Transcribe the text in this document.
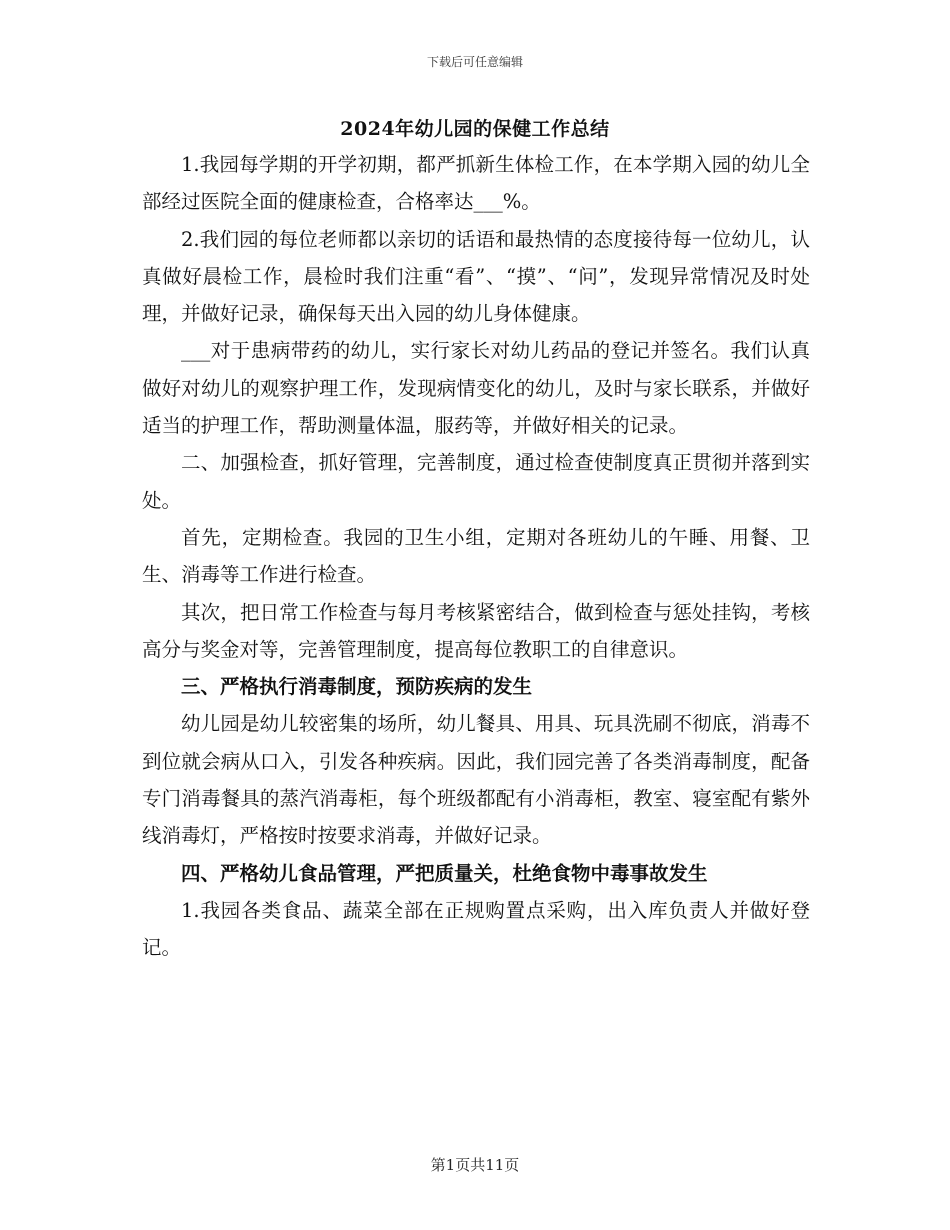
下载后可任意编辑
2024年幼儿园的保健工作总结

1.我园每学期的开学初期，都严抓新生体检工作，在本学期入园的幼儿全部经过医院全面的健康检查，合格率达___%。

2.我们园的每位老师都以亲切的话语和最热情的态度接待每一位幼儿，认真做好晨检工作，晨检时我们注重“看”、“摸”、“问”，发现异常情况及时处理，并做好记录，确保每天出入园的幼儿身体健康。

___对于患病带药的幼儿，实行家长对幼儿药品的登记并签名。我们认真做好对幼儿的观察护理工作，发现病情变化的幼儿，及时与家长联系，并做好适当的护理工作，帮助测量体温，服药等，并做好相关的记录。

二、加强检查，抓好管理，完善制度，通过检查使制度真正贯彻并落到实处。

首先，定期检查。我园的卫生小组，定期对各班幼儿的午睡、用餐、卫生、消毒等工作进行检查。

其次，把日常工作检查与每月考核紧密结合，做到检查与惩处挂钩，考核高分与奖金对等，完善管理制度，提高每位教职工的自律意识。

三、严格执行消毒制度，预防疾病的发生

幼儿园是幼儿较密集的场所，幼儿餐具、用具、玩具洗刷不彻底，消毒不到位就会病从口入，引发各种疾病。因此，我们园完善了各类消毒制度，配备专门消毒餐具的蒸汽消毒柜，每个班级都配有小消毒柜，教室、寝室配有紫外线消毒灯，严格按时按要求消毒，并做好记录。

四、严格幼儿食品管理，严把质量关，杜绝食物中毒事故发生

1.我园各类食品、蔬菜全部在正规购置点采购，出入库负责人并做好登记。

第1页共11页
